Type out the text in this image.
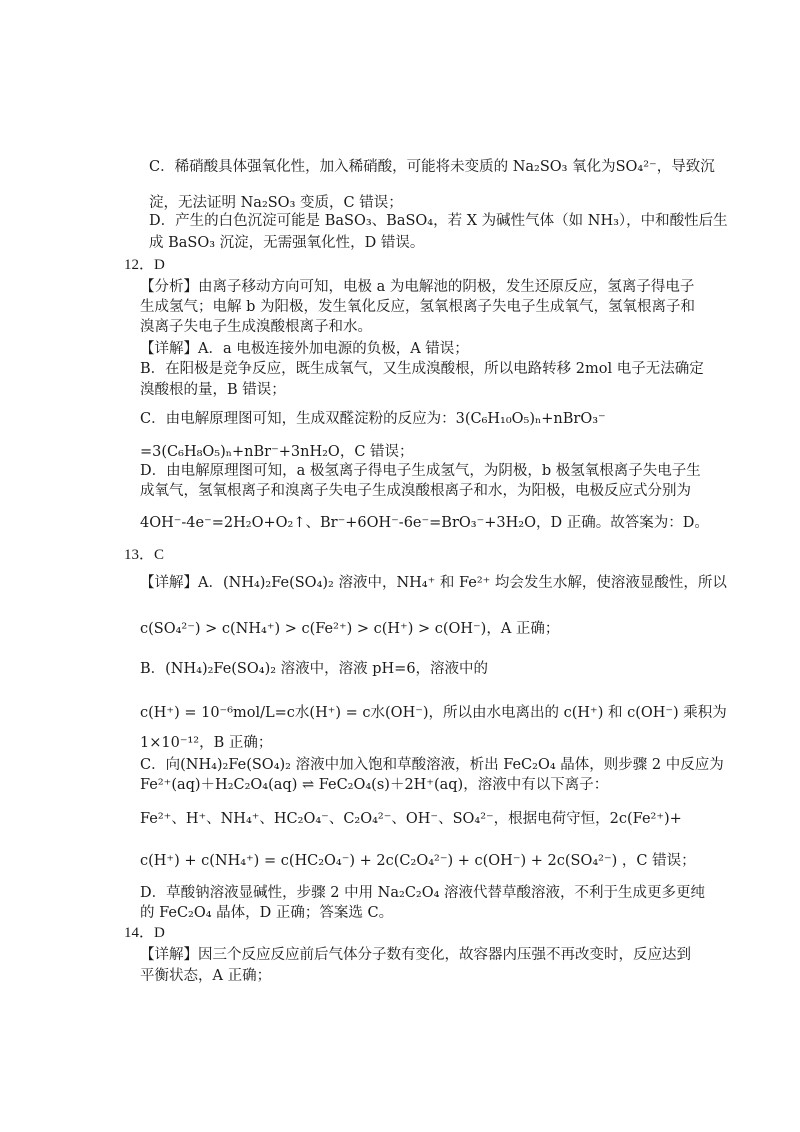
C．稀硝酸具体强氧化性，加入稀硝酸，可能将未变质的 Na₂SO₃ 氧化为SO₄²⁻，导致沉
淀，无法证明 Na₂SO₃ 变质，C 错误；
D．产生的白色沉淀可能是 BaSO₃、BaSO₄，若 X 为碱性气体（如 NH₃），中和酸性后生
成 BaSO₃ 沉淀，无需强氧化性，D 错误。
12．D
【分析】由离子移动方向可知，电极 a 为电解池的阴极，发生还原反应，氢离子得电子
生成氢气；电解 b 为阳极，发生氧化反应，氢氧根离子失电子生成氧气，氢氧根离子和
溴离子失电子生成溴酸根离子和水。
【详解】A．a 电极连接外加电源的负极，A 错误；
B．在阳极是竞争反应，既生成氧气，又生成溴酸根，所以电路转移 2mol 电子无法确定
溴酸根的量，B 错误；
C．由电解原理图可知，生成双醛淀粉的反应为：3(C₆H₁₀O₅)ₙ+nBrO₃⁻
=3(C₆H₈O₅)ₙ+nBr⁻+3nH₂O，C 错误；
D．由电解原理图可知，a 极氢离子得电子生成氢气，为阴极，b 极氢氧根离子失电子生
成氧气，氢氧根离子和溴离子失电子生成溴酸根离子和水，为阳极，电极反应式分别为
4OH⁻-4e⁻=2H₂O+O₂↑、Br⁻+6OH⁻-6e⁻=BrO₃⁻+3H₂O，D 正确。故答案为：D。
13．C
【详解】A．(NH₄)₂Fe(SO₄)₂ 溶液中，NH₄⁺ 和 Fe²⁺ 均会发生水解，使溶液显酸性，所以
c(SO₄²⁻) > c(NH₄⁺) > c(Fe²⁺) > c(H⁺) > c(OH⁻)，A 正确；
B．(NH₄)₂Fe(SO₄)₂ 溶液中，溶液 pH=6，溶液中的
c(H⁺) = 10⁻⁶mol/L=c水(H⁺) = c水(OH⁻)，所以由水电离出的 c(H⁺) 和 c(OH⁻) 乘积为
1×10⁻¹²，B 正确；
C．向(NH₄)₂Fe(SO₄)₂ 溶液中加入饱和草酸溶液，析出 FeC₂O₄ 晶体，则步骤 2 中反应为
Fe²⁺(aq)＋H₂C₂O₄(aq) ⇌ FeC₂O₄(s)＋2H⁺(aq)，溶液中有以下离子：
Fe²⁺、H⁺、NH₄⁺、HC₂O₄⁻、C₂O₄²⁻、OH⁻、SO₄²⁻，根据电荷守恒，2c(Fe²⁺)+
c(H⁺) + c(NH₄⁺) = c(HC₂O₄⁻) + 2c(C₂O₄²⁻) + c(OH⁻) + 2c(SO₄²⁻) ，C 错误；
D．草酸钠溶液显碱性，步骤 2 中用 Na₂C₂O₄ 溶液代替草酸溶液，不利于生成更多更纯
的 FeC₂O₄ 晶体，D 正确；答案选 C。
14．D
【详解】因三个反应反应前后气体分子数有变化，故容器内压强不再改变时，反应达到
平衡状态，A 正确；
